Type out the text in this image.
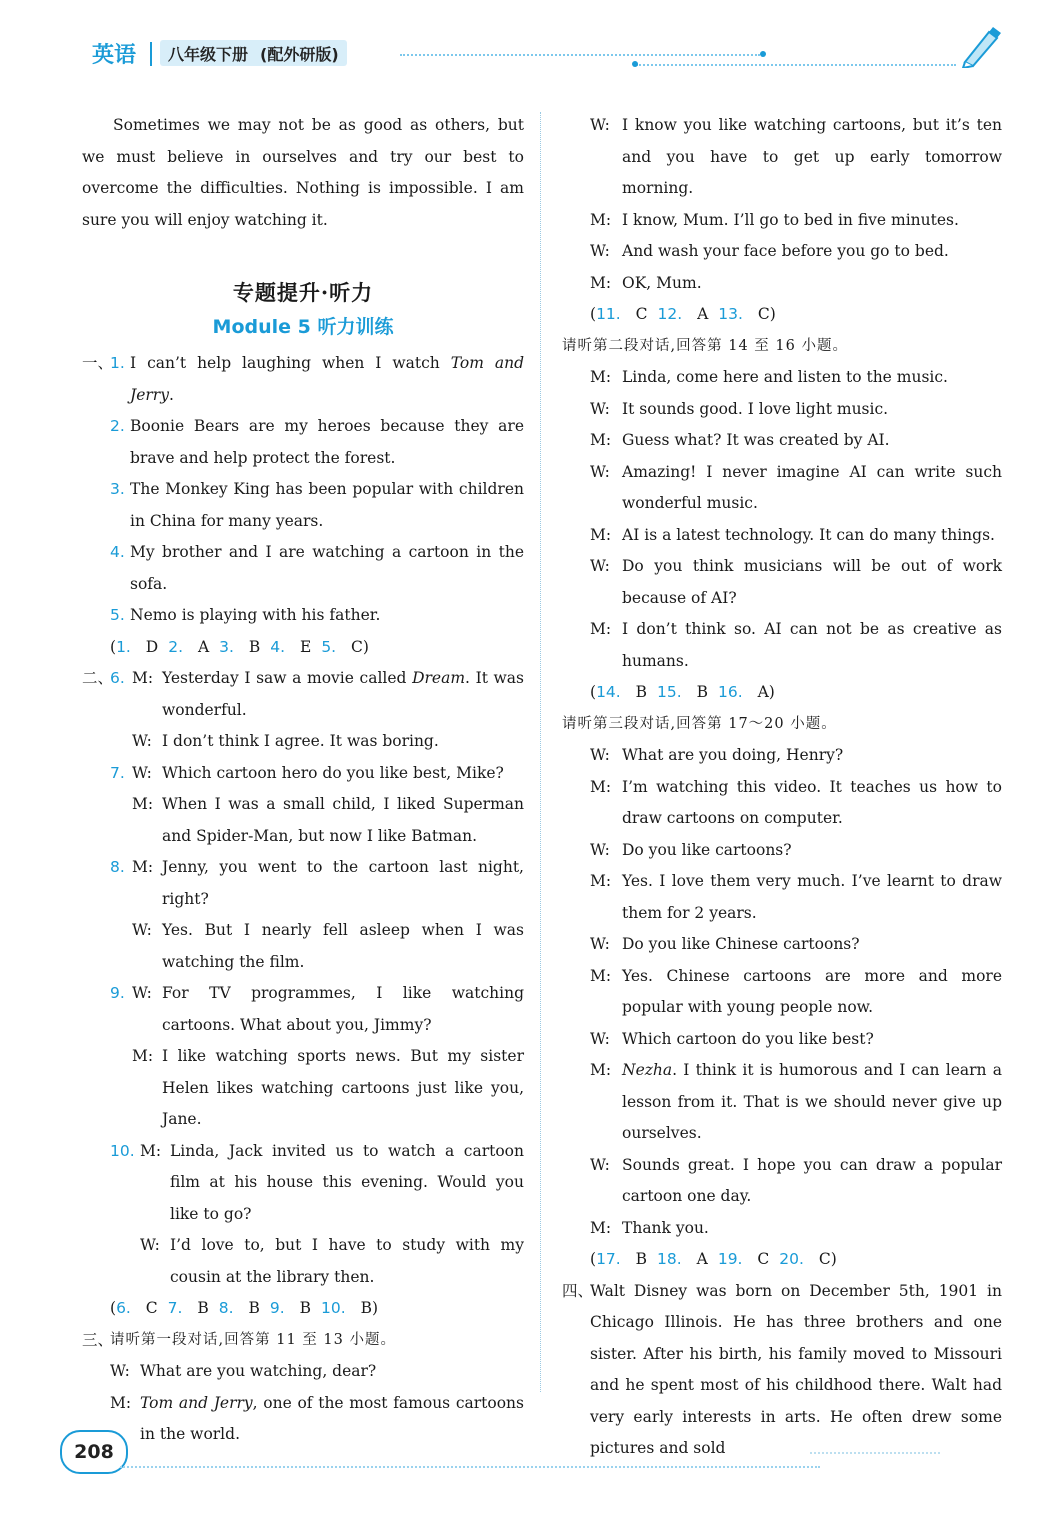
英语 八年级下册 (配外研版)

Sometimes we may not be as good as others, but we must believe in ourselves and try our best to overcome the difficulties. Nothing is impossible. I am sure you will enjoy watching it.

专题提升·听力
Module 5 听力训练
一、
1. I can’t help laughing when I watch Tom and Jerry.
2. Boonie Bears are my heroes because they are brave and help protect the forest.
3. The Monkey King has been popular with children in China for many years.
4. My brother and I are watching a cartoon in the sofa.
5. Nemo is playing with his father.
(1. D 2. A 3. B 4. E 5. C)
二、
6. M: Yesterday I saw a movie called Dream. It was wonderful.
W: I don’t think I agree. It was boring.
7. W: Which cartoon hero do you like best, Mike?
M: When I was a small child, I liked Superman and Spider-Man, but now I like Batman.
8. M: Jenny, you went to the cartoon last night, right?
W: Yes. But I nearly fell asleep when I was watching the film.
9. W: For TV programmes, I like watching cartoons. What about you, Jimmy?
M: I like watching sports news. But my sister Helen likes watching cartoons just like you, Jane.
10. M: Linda, Jack invited us to watch a cartoon film at his house this evening. Would you like to go?
W: I’d love to, but I have to study with my cousin at the library then.
(6. C 7. B 8. B 9. B 10. B)
三、
请听第一段对话,回答第 11 至 13 小题。
W: What are you watching, dear?
M: Tom and Jerry, one of the most famous cartoons in the world.
W: I know you like watching cartoons, but it’s ten and you have to get up early tomorrow morning.
M: I know, Mum. I’ll go to bed in five minutes.
W: And wash your face before you go to bed.
M: OK, Mum.
(11. C 12. A 13. C)
请听第二段对话,回答第 14 至 16 小题。
M: Linda, come here and listen to the music.
W: It sounds good. I love light music.
M: Guess what? It was created by AI.
W: Amazing! I never imagine AI can write such wonderful music.
M: AI is a latest technology. It can do many things.
W: Do you think musicians will be out of work because of AI?
M: I don’t think so. AI can not be as creative as humans.
(14. B 15. B 16. A)
请听第三段对话,回答第 17～20 小题。
W: What are you doing, Henry?
M: I’m watching this video. It teaches us how to draw cartoons on computer.
W: Do you like cartoons?
M: Yes. I love them very much. I’ve learnt to draw them for 2 years.
W: Do you like Chinese cartoons?
M: Yes. Chinese cartoons are more and more popular with young people now.
W: Which cartoon do you like best?
M: Nezha. I think it is humorous and I can learn a lesson from it. That is we should never give up ourselves.
W: Sounds great. I hope you can draw a popular cartoon one day.
M: Thank you.
(17. B 18. A 19. C 20. C)
四、
Walt Disney was born on December 5th, 1901 in Chicago Illinois. He has three brothers and one sister. After his birth, his family moved to Missouri and he spent most of his childhood there. Walt had very early interests in arts. He often drew some pictures and sold
208
